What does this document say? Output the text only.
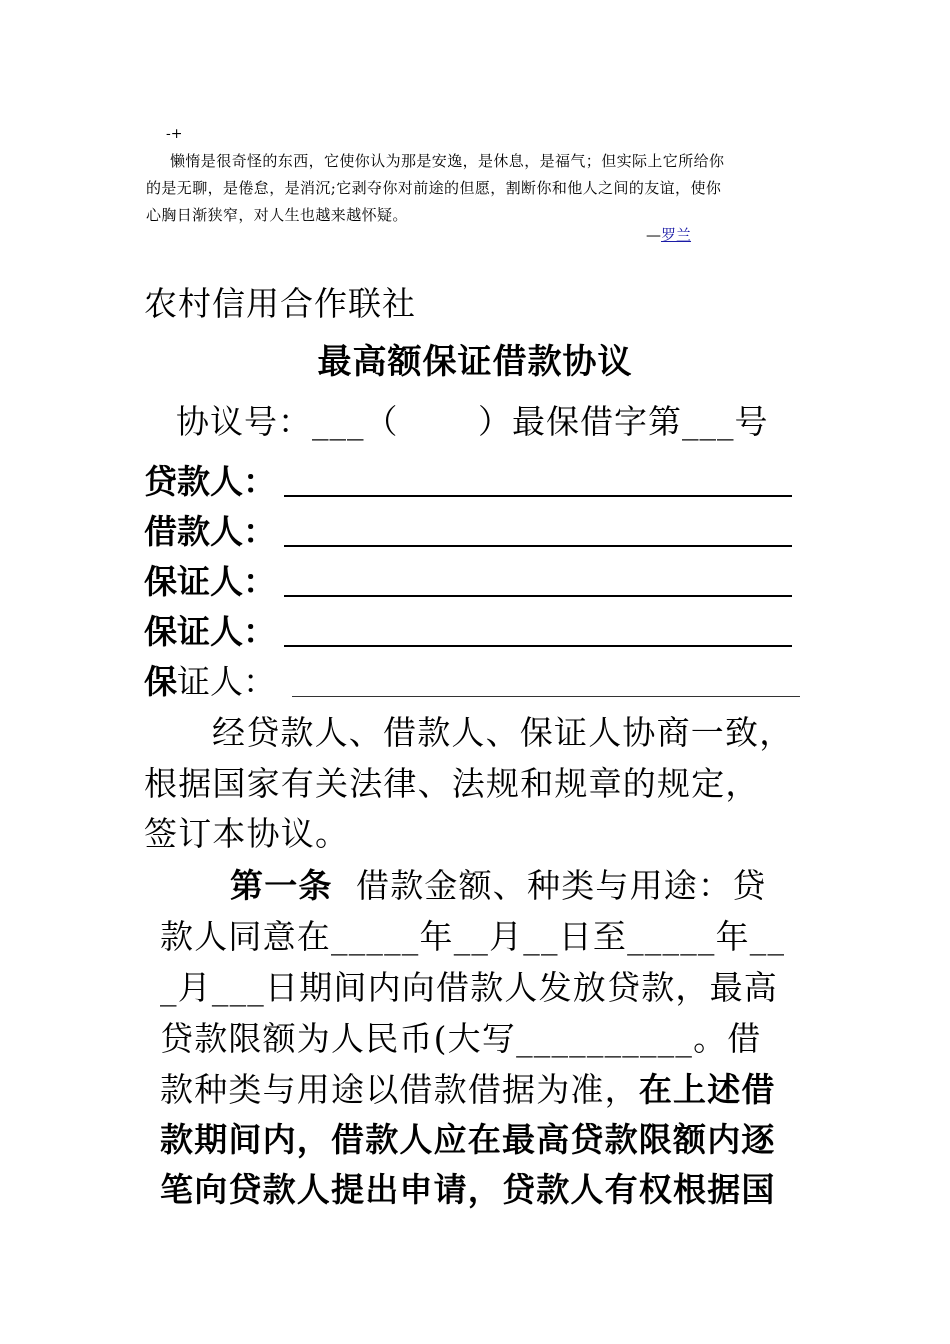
-+
懒惰是很奇怪的东西，它使你认为那是安逸，是休息，是福气；但实际上它所给你
的是无聊，是倦怠，是消沉;它剥夺你对前途的但愿，割断你和他人之间的友谊，使你
心胸日渐狭窄，对人生也越来越怀疑。
—罗兰
农村信用合作联社
最高额保证借款协议
协议号：___（　 　）最保借字第___号
贷款人：
借款人：
保证人：
保证人：
保证人：
经贷款人、借款人、保证人协商一致，
根据国家有关法律、法规和规章的规定，
签订本协议。
第一条  借款金额、种类与用途：贷
款人同意在_____年__月__日至_____年__
_月___日期间内向借款人发放贷款，最高
贷款限额为人民币(大写__________。借
款种类与用途以借款借据为准，在上述借
款期间内，借款人应在最高贷款限额内逐
笔向贷款人提出申请，贷款人有权根据国
